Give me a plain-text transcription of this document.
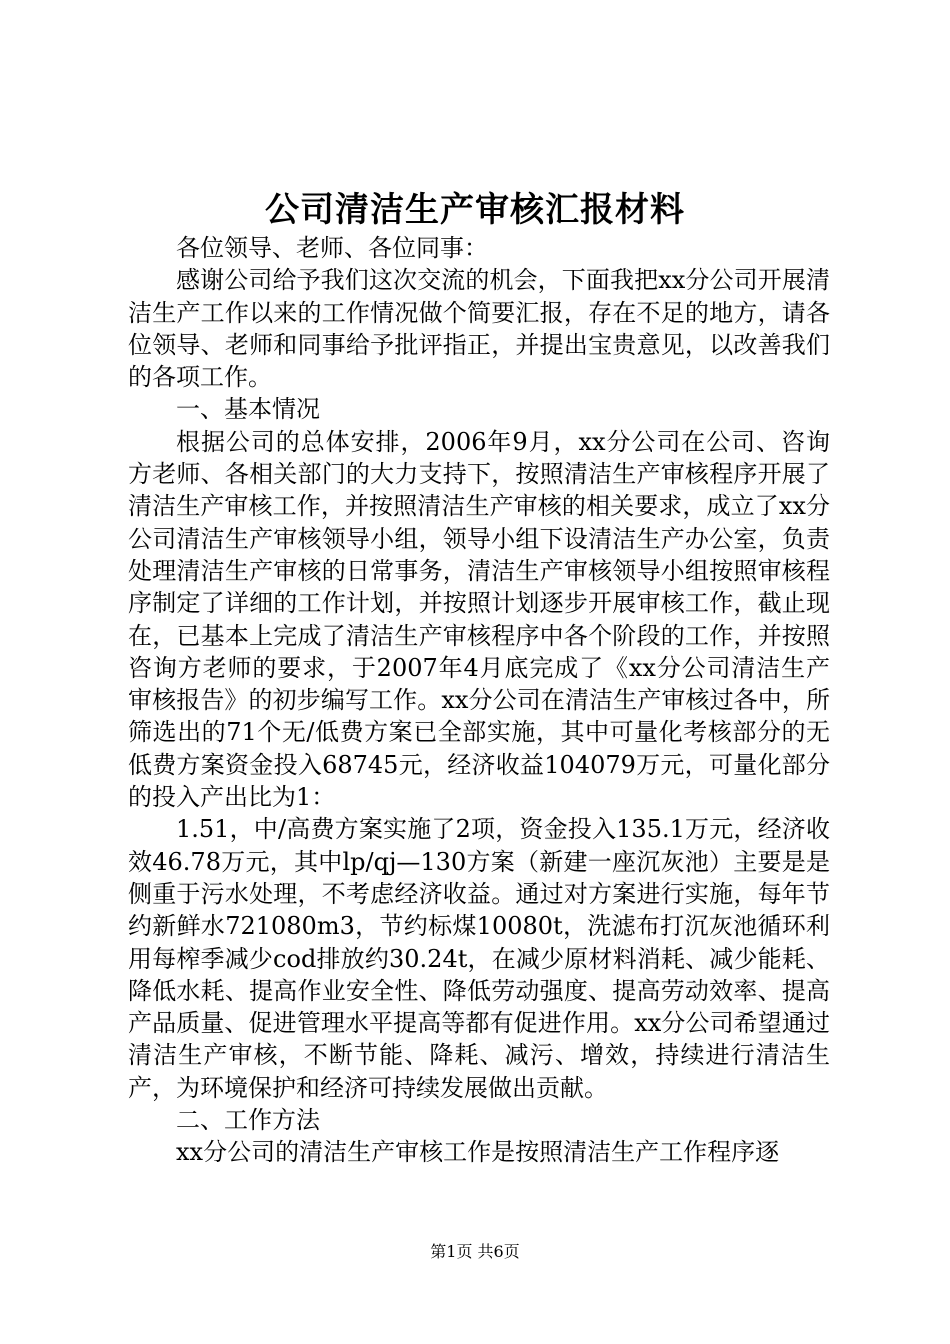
公司清洁生产审核汇报材料

各位领导、老师、各位同事：

感谢公司给予我们这次交流的机会，下面我把xx分公司开展清洁生产工作以来的工作情况做个简要汇报，存在不足的地方，请各位领导、老师和同事给予批评指正，并提出宝贵意见，以改善我们的各项工作。

一、基本情况

根据公司的总体安排，2006年9月，xx分公司在公司、咨询方老师、各相关部门的大力支持下，按照清洁生产审核程序开展了清洁生产审核工作，并按照清洁生产审核的相关要求，成立了xx分公司清洁生产审核领导小组，领导小组下设清洁生产办公室，负责处理清洁生产审核的日常事务，清洁生产审核领导小组按照审核程序制定了详细的工作计划，并按照计划逐步开展审核工作，截止现在，已基本上完成了清洁生产审核程序中各个阶段的工作，并按照咨询方老师的要求，于2007年4月底完成了《xx分公司清洁生产审核报告》的初步编写工作。xx分公司在清洁生产审核过各中，所筛选出的71个无/低费方案已全部实施，其中可量化考核部分的无低费方案资金投入68745元，经济收益104079万元，可量化部分的投入产出比为1：

1.51，中/高费方案实施了2项，资金投入135.1万元，经济收效46.78万元，其中lp/qj—130方案（新建一座沉灰池）主要是是侧重于污水处理，不考虑经济收益。通过对方案进行实施，每年节约新鲜水721080m3，节约标煤10080t，洗滤布打沉灰池循环利用每榨季减少cod排放约30.24t，在减少原材料消耗、减少能耗、降低水耗、提高作业安全性、降低劳动强度、提高劳动效率、提高产品质量、促进管理水平提高等都有促进作用。xx分公司希望通过清洁生产审核，不断节能、降耗、减污、增效，持续进行清洁生产，为环境保护和经济可持续发展做出贡献。

二、工作方法

xx分公司的清洁生产审核工作是按照清洁生产工作程序逐

第1页 共6页
